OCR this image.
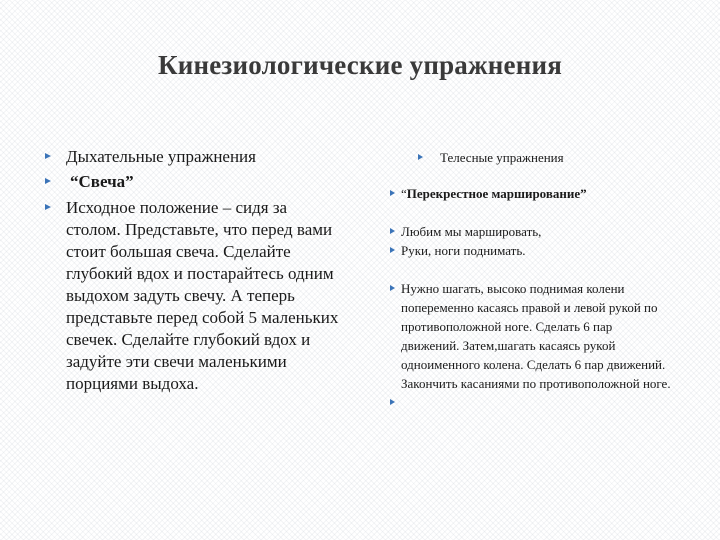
Кинезиологические упражнения
Дыхательные упражнения
“Свеча”
Исходное положение – сидя за столом. Представьте, что перед вами стоит большая свеча. Сделайте глубокий вдох и постарайтесь одним выдохом задуть свечу. А теперь представьте перед собой 5 маленьких свечек. Сделайте глубокий вдох и задуйте эти свечи маленькими порциями выдоха.
Телесные упражнения
“Перекрестное маршированиe”
Любим мы маршировать,
Руки, ноги поднимать.
Нужно шагать, высоко поднимая колени попеременно касаясь правой и левой рукой по противоположной ноге. Сделать 6 пар движений. Затем,шагать касаясь рукой одноименного колена. Сделать 6 пар движений. Закончить касаниями по противоположной ноге.
